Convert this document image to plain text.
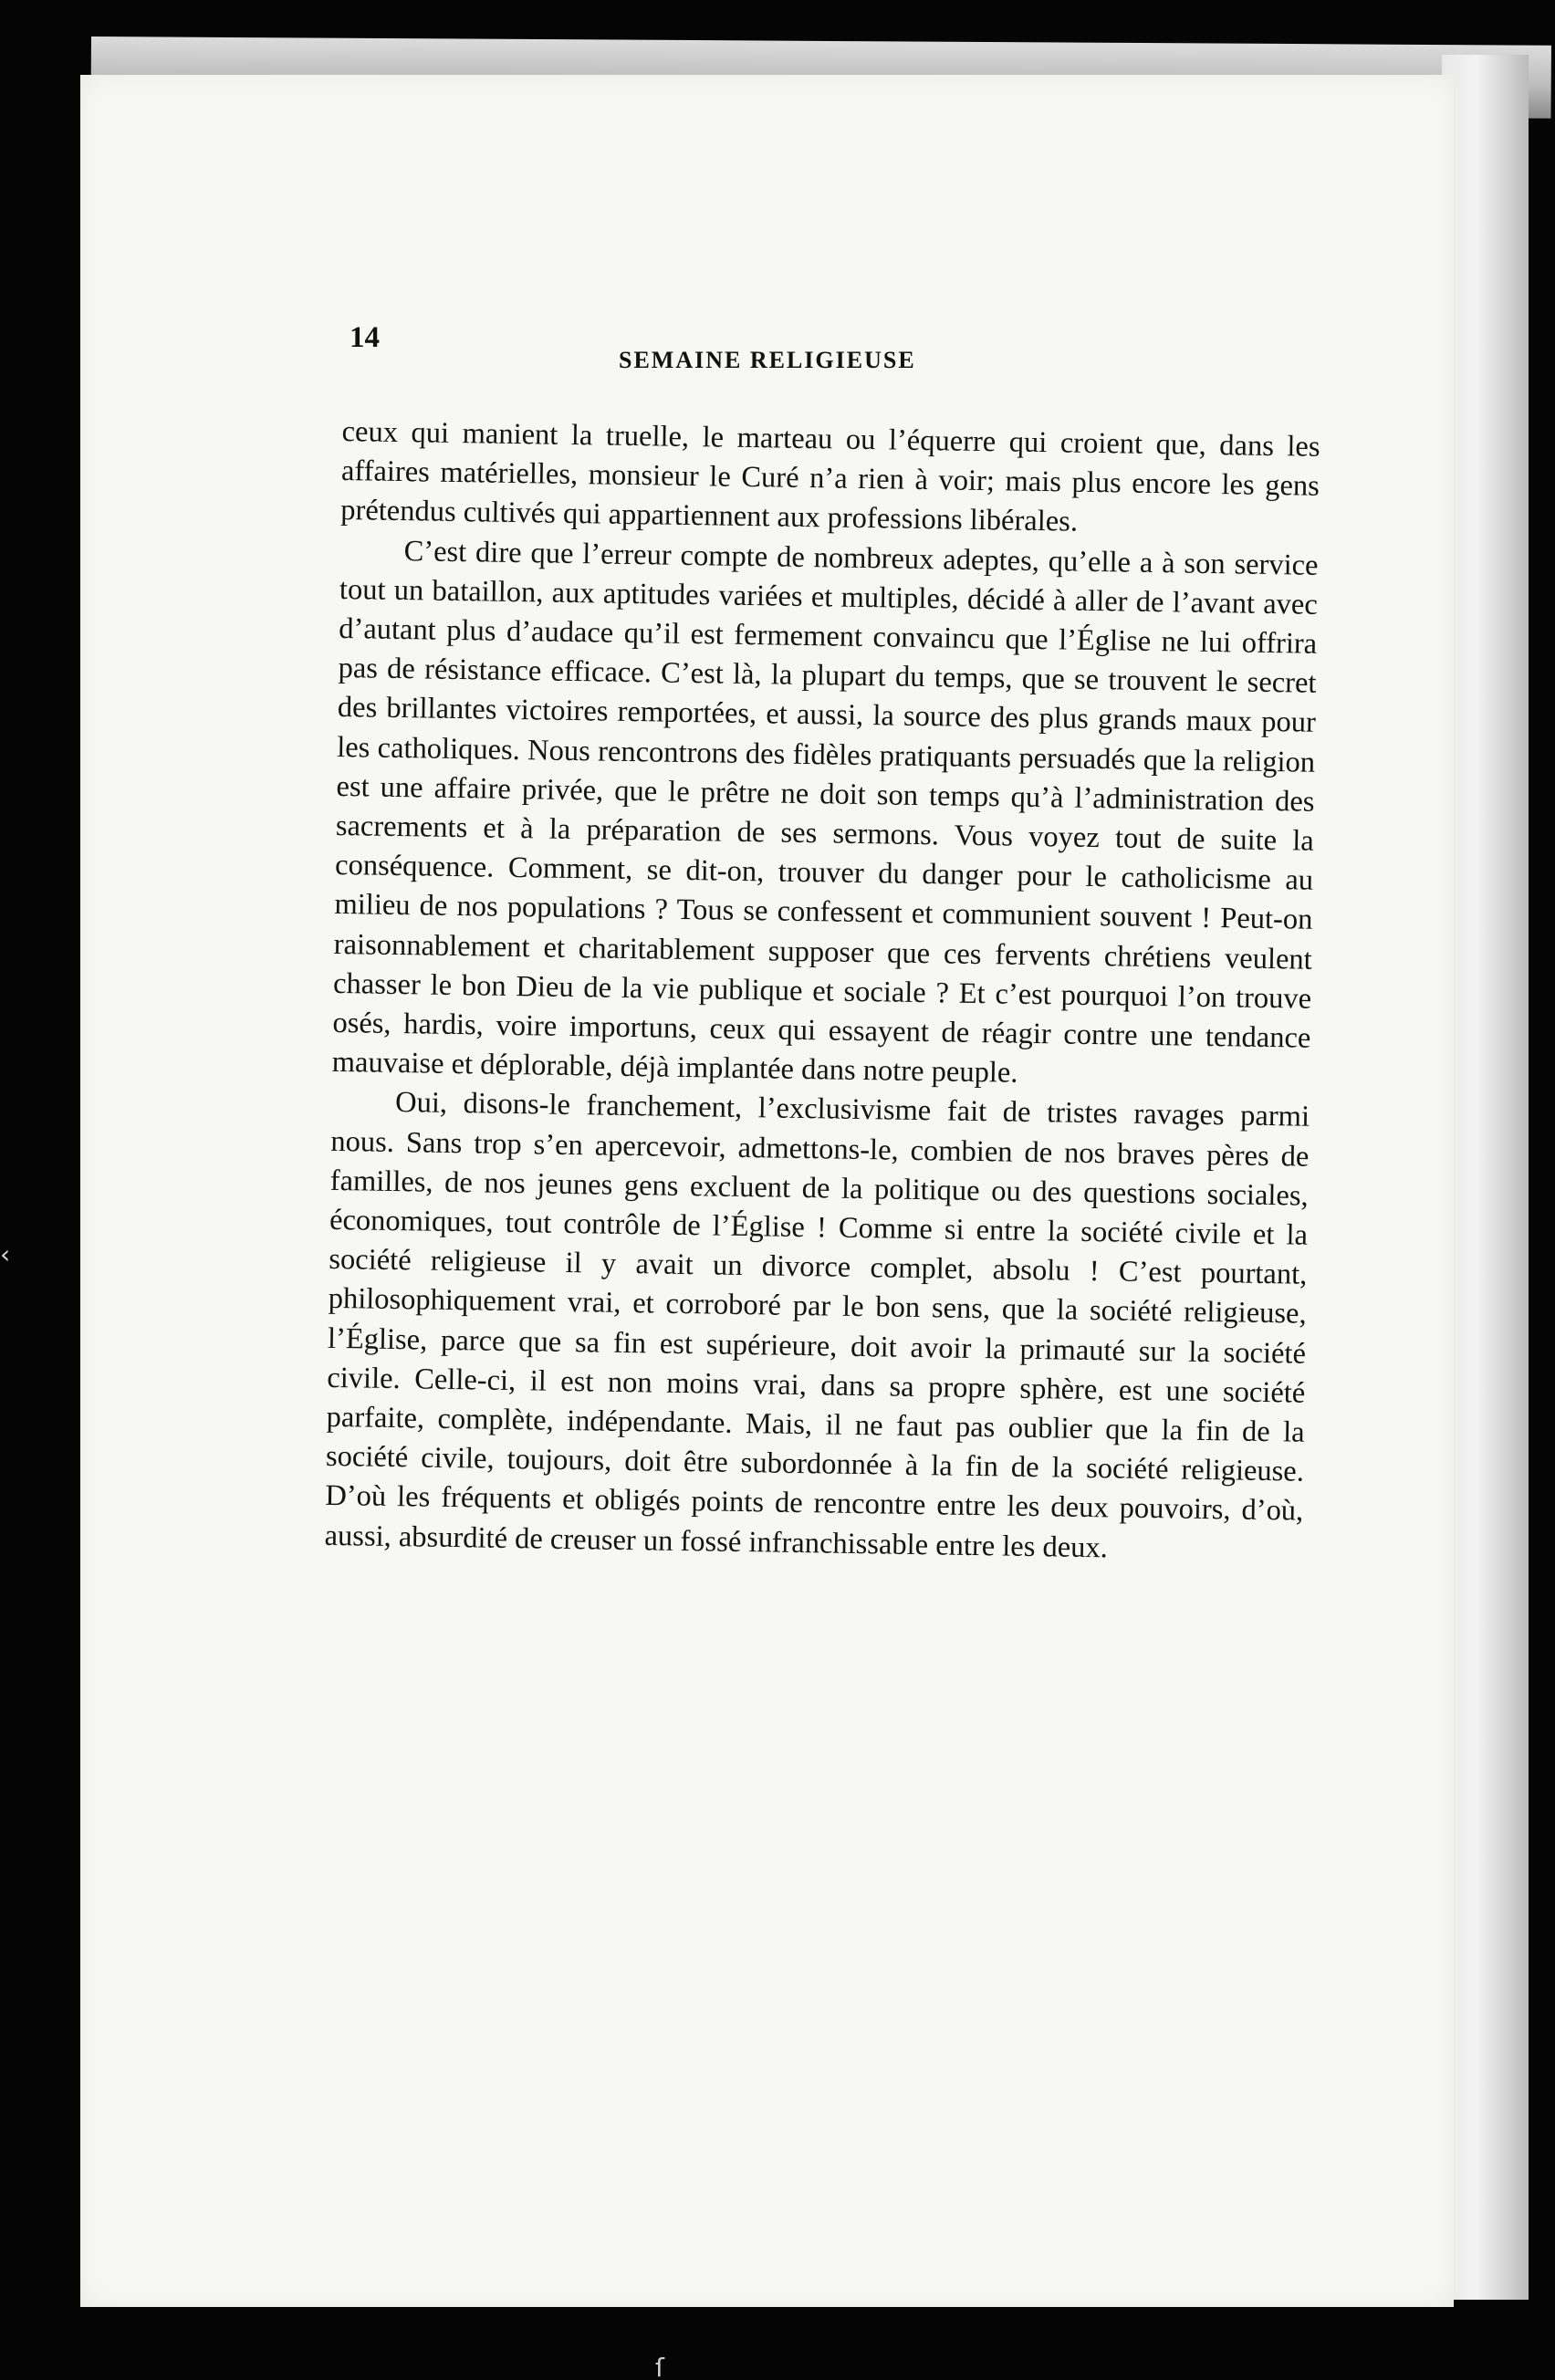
14
SEMAINE RELIGIEUSE

ceux qui manient la truelle, le marteau ou l’équerre qui croient que, dans les affaires matérielles, monsieur le Curé n’a rien à voir; mais plus encore les gens prétendus cultivés qui appartiennent aux professions libérales.

C’est dire que l’erreur compte de nombreux adeptes, qu’elle a à son service tout un bataillon, aux aptitudes variées et multiples, décidé à aller de l’avant avec d’autant plus d’audace qu’il est fermement convaincu que l’Église ne lui offrira pas de résistance efficace. C’est là, la plupart du temps, que se trouvent le secret des brillantes victoires remportées, et aussi, la source des plus grands maux pour les catholiques. Nous rencontrons des fidèles pratiquants persuadés que la religion est une affaire privée, que le prêtre ne doit son temps qu’à l’administration des sacrements et à la préparation de ses sermons. Vous voyez tout de suite la conséquence. Comment, se dit-on, trouver du danger pour le catholicisme au milieu de nos populations ? Tous se confessent et communient souvent ! Peut-on raisonnablement et charitablement supposer que ces fervents chrétiens veulent chasser le bon Dieu de la vie publique et sociale ? Et c’est pourquoi l’on trouve osés, hardis, voire importuns, ceux qui essayent de réagir contre une tendance mauvaise et déplorable, déjà implantée dans notre peuple.

Oui, disons-le franchement, l’exclusivisme fait de tristes ravages parmi nous. Sans trop s’en apercevoir, admettons-le, combien de nos braves pères de familles, de nos jeunes gens excluent de la politique ou des questions sociales, économiques, tout contrôle de l’Église ! Comme si entre la société civile et la société religieuse il y avait un divorce complet, absolu ! C’est pourtant, philosophiquement vrai, et corroboré par le bon sens, que la société religieuse, l’Église, parce que sa fin est supérieure, doit avoir la primauté sur la société civile. Celle-ci, il est non moins vrai, dans sa propre sphère, est une société parfaite, complète, indépendante. Mais, il ne faut pas oublier que la fin de la société civile, toujours, doit être subordonnée à la fin de la société religieuse. D’où les fréquents et obligés points de rencontre entre les deux pouvoirs, d’où, aussi, absurdité de creuser un fossé infranchissable entre les deux.

‹
ſ
